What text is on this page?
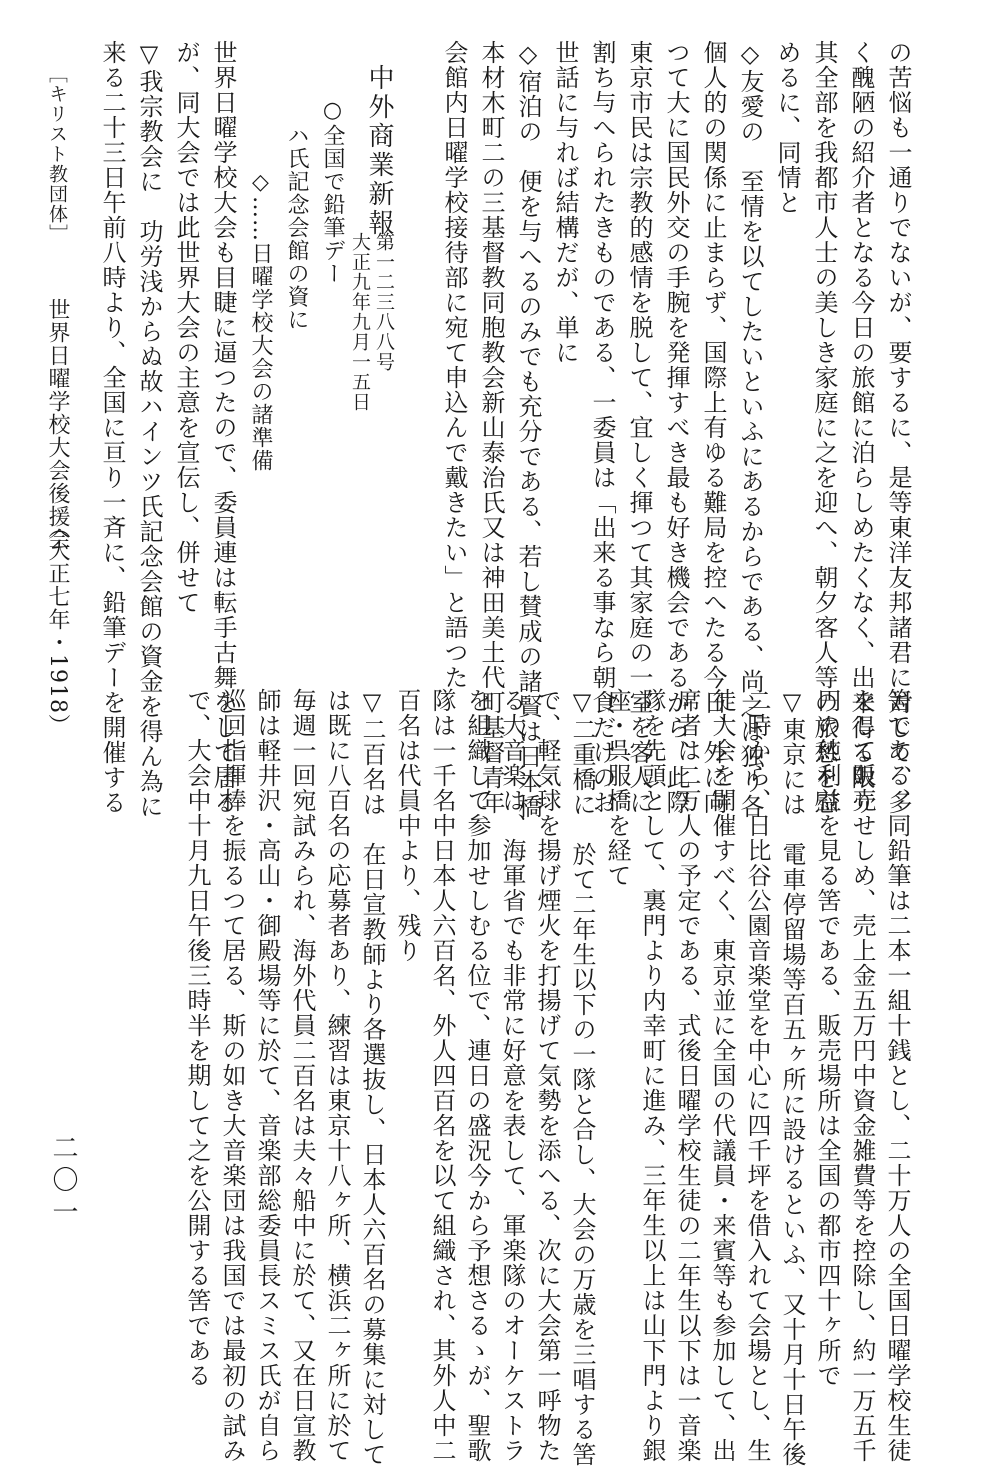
の苦悩も一通りでないが、要するに、是等東洋友邦諸君に対して、多

く醜陋の紹介者となる今日の旅館に泊らしめたくなく、出来得る限り

其全部を我都市人士の美しき家庭に之を迎へ、朝夕客人等の旅愁を慰

めるに、同情と

◇友愛の　至情を以てしたいといふにあるからである、尚之は独り各

個人的の関係に止まらず、国際上有ゆる難局を控へたる今日、外に向

つて大に国民外交の手腕を発揮すべき最も好き機会であるから、此際

東京市民は宗教的感情を脱して、宜しく揮つて其家庭の一室を客人に

割ち与へられたきものである、一委員は「出来る事なら朝食だけのお

世話に与れば結構だが、単に

◇宿泊の　便を与へるのみでも充分である、若し賛成の諸賢は日本橋

本材木町二の三基督教同胞教会新山泰治氏又は神田美土代町基督青年

会館内日曜学校接待部に宛て申込んで戴きたい」と語つた

中外商業新報

第一二三八八号

大正九年九月一五日

○全国で鉛筆デー

ハ氏記念会館の資に

◇……日曜学校大会の諸準備

世界日曜学校大会も目睫に逼つたので、委員連は転手古舞をして居る

が、同大会では此世界大会の主意を宣伝し、併せて

▽我宗教会に　功労浅からぬ故ハインツ氏記念会館の資金を得ん為に

来る二十三日午前八時より、全国に亘り一斉に、鉛筆デーを開催する

［キリスト教団体］

世界日曜学校大会後援会

（大正七年・1918）

筈である、同鉛筆は二本一組十銭とし、二十万人の全国日曜学校生徒

をして販売せしめ、売上金五万円中資金雑費等を控除し、約一万五千

円の純利益を見る筈である、販売場所は全国の都市四十ヶ所で

▽東京には　電車停留場等百五ヶ所に設けるといふ、又十月十日午後

二時から、日比谷公園音楽堂を中心に四千坪を借入れて会場とし、生

徒大会を開催すべく、東京並に全国の代議員・来賓等も参加して、出

席者は二万人の予定である、式後日曜学校生徒の二年生以下は一音楽

隊を先頭として、裏門より内幸町に進み、三年生以上は山下門より銀

座・呉服橋を経て

▽二重橋に　於て二年生以下の一隊と合し、大会の万歳を三唱する筈

で、軽気球を揚げ煙火を打揚げて気勢を添へる、次に大会第一呼物た

る大音楽は、海軍省でも非常に好意を表して、軍楽隊のオーケストラ

を組織して参加せしむる位で、連日の盛況今から予想さるゝが、聖歌

隊は一千名中日本人六百名、外人四百名を以て組織され、其外人中二

百名は代員中より、残り

▽二百名は　在日宣教師より各選抜し、日本人六百名の募集に対して

は既に八百名の応募者あり、練習は東京十八ヶ所、横浜二ヶ所に於て

毎週一回宛試みられ、海外代員二百名は夫々船中に於て、又在日宣教

師は軽井沢・高山・御殿場等に於て、音楽部総委員長スミス氏が自ら

巡回指揮棒を振るつて居る、斯の如き大音楽団は我国では最初の試み

で、大会中十月九日午後三時半を期して之を公開する筈である

二〇一
